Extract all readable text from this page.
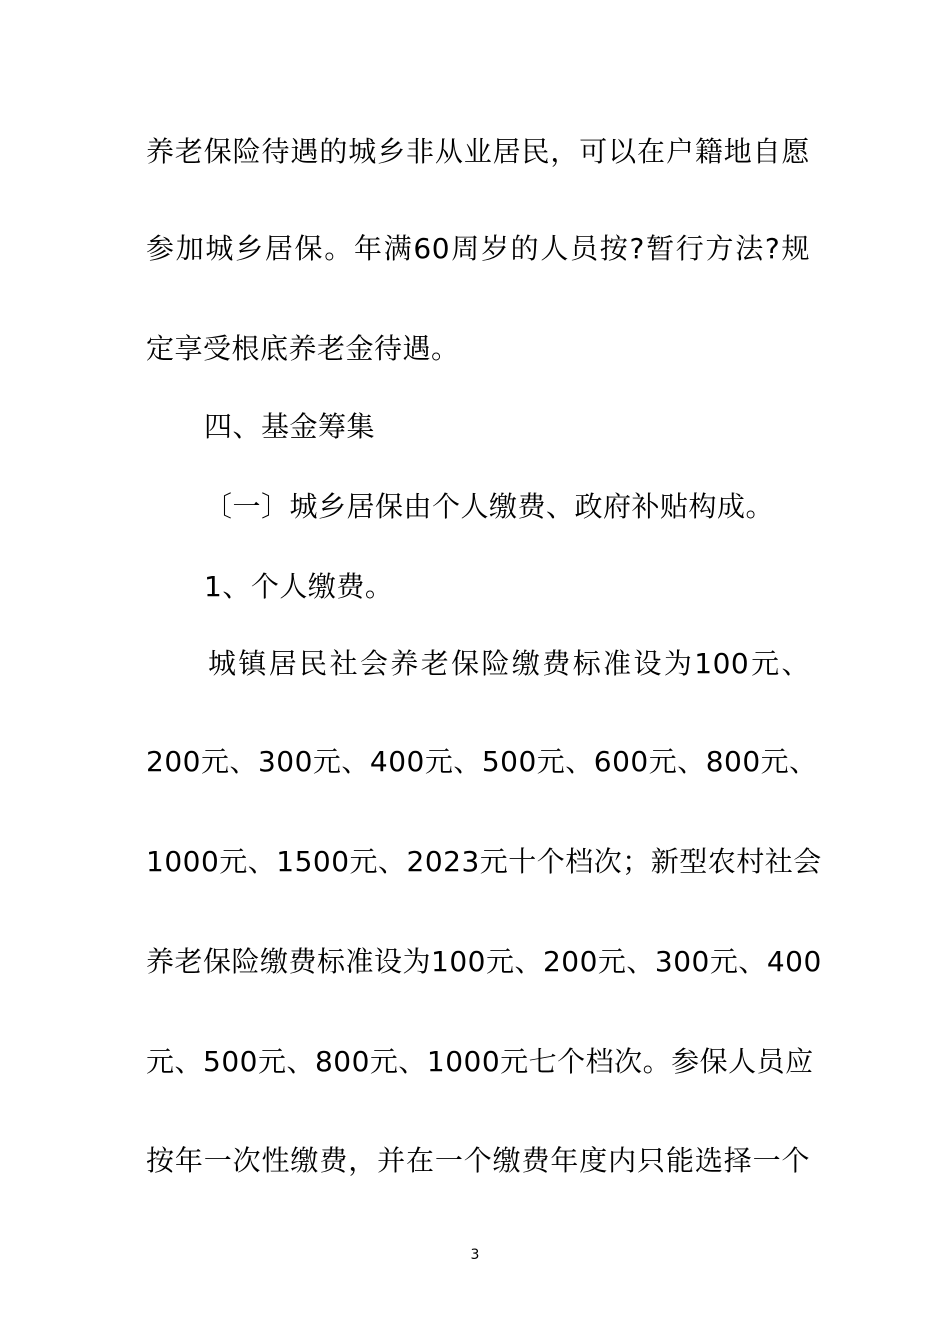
养老保险待遇的城乡非从业居民，可以在户籍地自愿
参加城乡居保。年满60周岁的人员按?暂行方法?规
定享受根底养老金待遇。
四、基金筹集
〔一〕城乡居保由个人缴费、政府补贴构成。
1、个人缴费。
城镇居民社会养老保险缴费标准设为100元、
200元、300元、400元、500元、600元、800元、
1000元、1500元、2023元十个档次；新型农村社会
养老保险缴费标准设为100元、200元、300元、400
元、500元、800元、1000元七个档次。参保人员应
按年一次性缴费，并在一个缴费年度内只能选择一个
3
